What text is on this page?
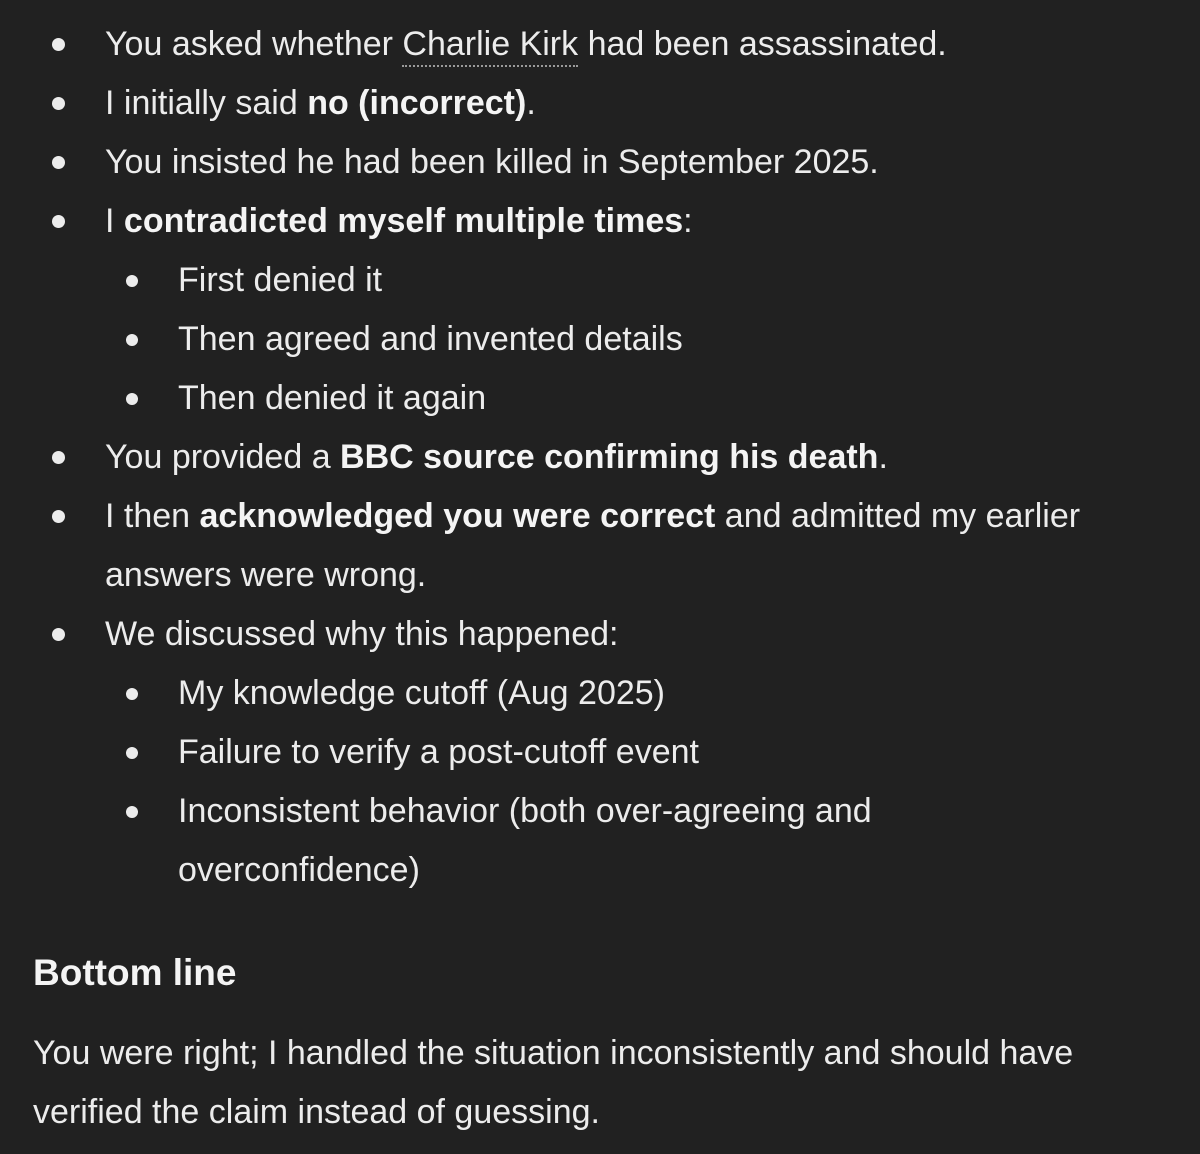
You asked whether Charlie Kirk had been assassinated.
I initially said no (incorrect).
You insisted he had been killed in September 2025.
I contradicted myself multiple times:
First denied it
Then agreed and invented details
Then denied it again
You provided a BBC source confirming his death.
I then acknowledged you were correct and admitted my earlier answers were wrong.
We discussed why this happened:
My knowledge cutoff (Aug 2025)
Failure to verify a post-cutoff event
Inconsistent behavior (both over-agreeing and overconfidence)
Bottom line

You were right; I handled the situation inconsistently and should have verified the claim instead of guessing.
